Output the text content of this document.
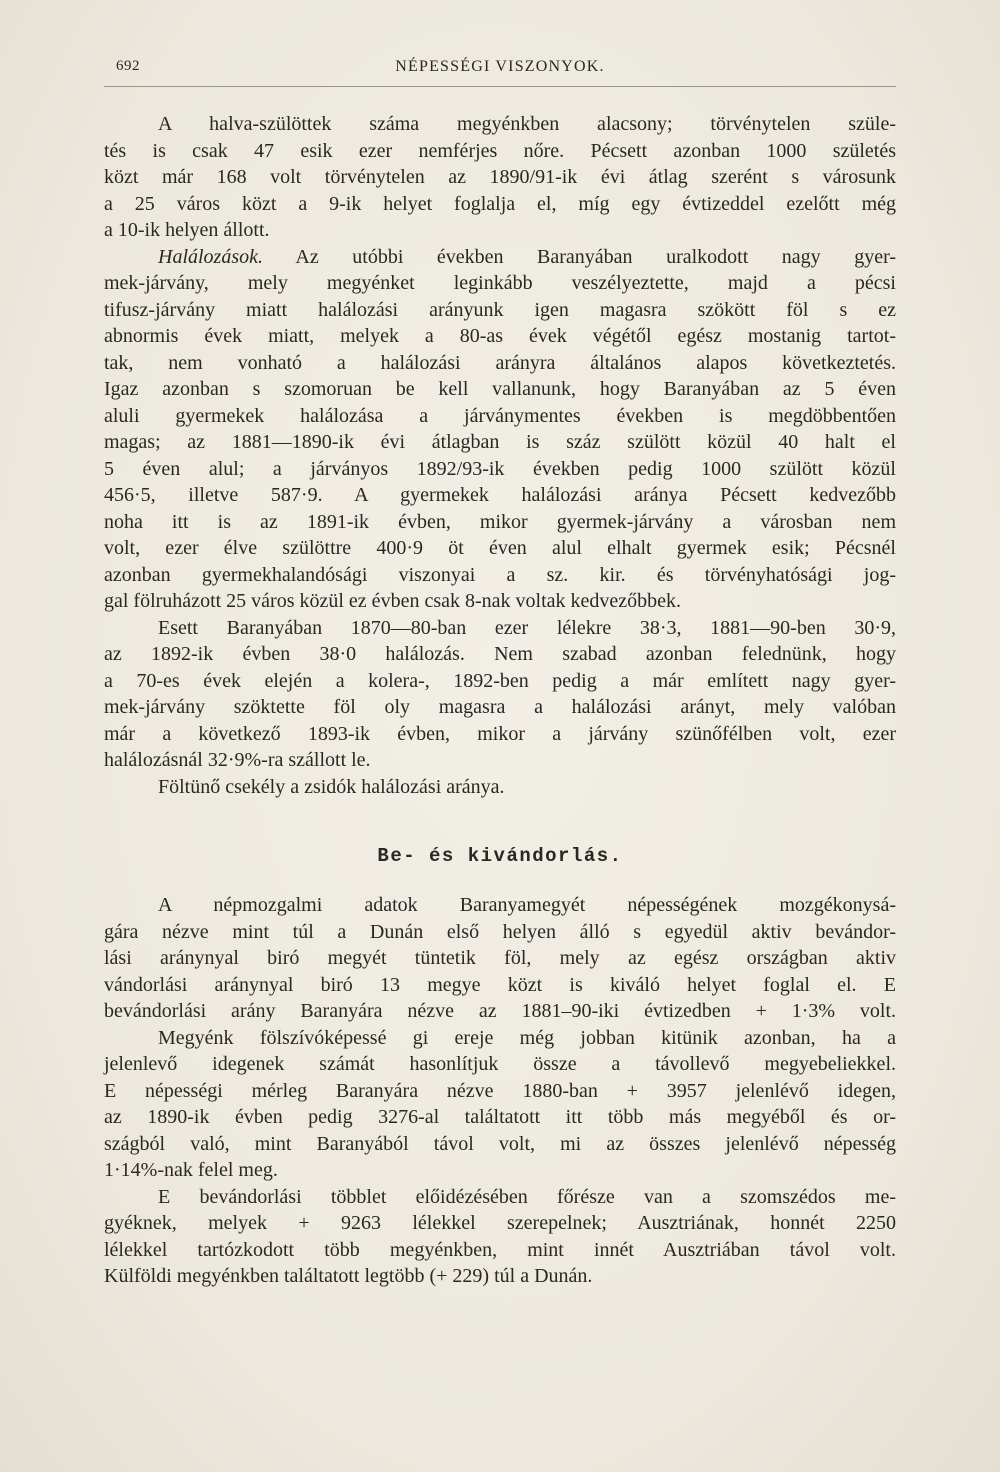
692	NÉPESSÉGI VISZONYOK.
A halva-szülöttek száma megyénkben alacsony; törvénytelen szüle-
tés is csak 47 esik ezer nemférjes nőre. Pécsett azonban 1000 születés
közt már 168 volt törvénytelen az 1890/91-ik évi átlag szerént s városunk
a 25 város közt a 9-ik helyet foglalja el, míg egy évtizeddel ezelőtt még
a 10-ik helyen állott.
Halálozások. Az utóbbi években Baranyában uralkodott nagy gyer-
mek-járvány, mely megyénket leginkább veszélyeztette, majd a pécsi
tifusz-járvány miatt halálozási arányunk igen magasra szökött föl s ez
abnormis évek miatt, melyek a 80-as évek végétől egész mostanig tartot-
tak, nem vonható a halálozási arányra általános alapos következtetés.
Igaz azonban s szomoruan be kell vallanunk, hogy Baranyában az 5 éven
aluli gyermekek halálozása a járványmentes években is megdöbbentően
magas; az 1881—1890-ik évi átlagban is száz szülött közül 40 halt el
5 éven alul; a járványos 1892/93-ik években pedig 1000 szülött közül
456·5, illetve 587·9. A gyermekek halálozási aránya Pécsett kedvezőbb
noha itt is az 1891-ik évben, mikor gyermek-járvány a városban nem
volt, ezer élve szülöttre 400·9 öt éven alul elhalt gyermek esik; Pécsnél
azonban gyermekhalandósági viszonyai a sz. kir. és törvényhatósági jog-
gal fölruházott 25 város közül ez évben csak 8-nak voltak kedvezőbbek.
Esett Baranyában 1870—80-ban ezer lélekre 38·3, 1881—90-ben 30·9,
az 1892-ik évben 38·0 halálozás. Nem szabad azonban felednünk, hogy
a 70-es évek elején a kolera-, 1892-ben pedig a már említett nagy gyer-
mek-járvány szöktette föl oly magasra a halálozási arányt, mely valóban
már a következő 1893-ik évben, mikor a járvány szünőfélben volt, ezer
halálozásnál 32·9%-ra szállott le.
Föltünő csekély a zsidók halálozási aránya.
Be- és kivándorlás.
A népmozgalmi adatok Baranyamegyét népességének mozgékonysá-
gára nézve mint túl a Dunán első helyen álló s egyedül aktiv bevándor-
lási aránynyal biró megyét tüntetik föl, mely az egész országban aktiv
vándorlási aránynyal biró 13 megye közt is kiváló helyet foglal el. E
bevándorlási arány Baranyára nézve az 1881–90-iki évtizedben + 1·3% volt.
Megyénk fölszívóképessé gi ereje még jobban kitünik azonban, ha a
jelenlevő idegenek számát hasonlítjuk össze a távollevő megyebeliekkel.
E népességi mérleg Baranyára nézve 1880-ban + 3957 jelenlévő idegen,
az 1890-ik évben pedig 3276-al találtatott itt több más megyéből és or-
szágból való, mint Baranyából távol volt, mi az összes jelenlévő népesség
1·14%-nak felel meg.
E bevándorlási többlet előidézésében főrésze van a szomszédos me-
gyéknek, melyek + 9263 lélekkel szerepelnek; Ausztriának, honnét 2250
lélekkel tartózkodott több megyénkben, mint innét Ausztriában távol volt.
Külföldi megyénkben találtatott legtöbb (+ 229) túl a Dunán.
